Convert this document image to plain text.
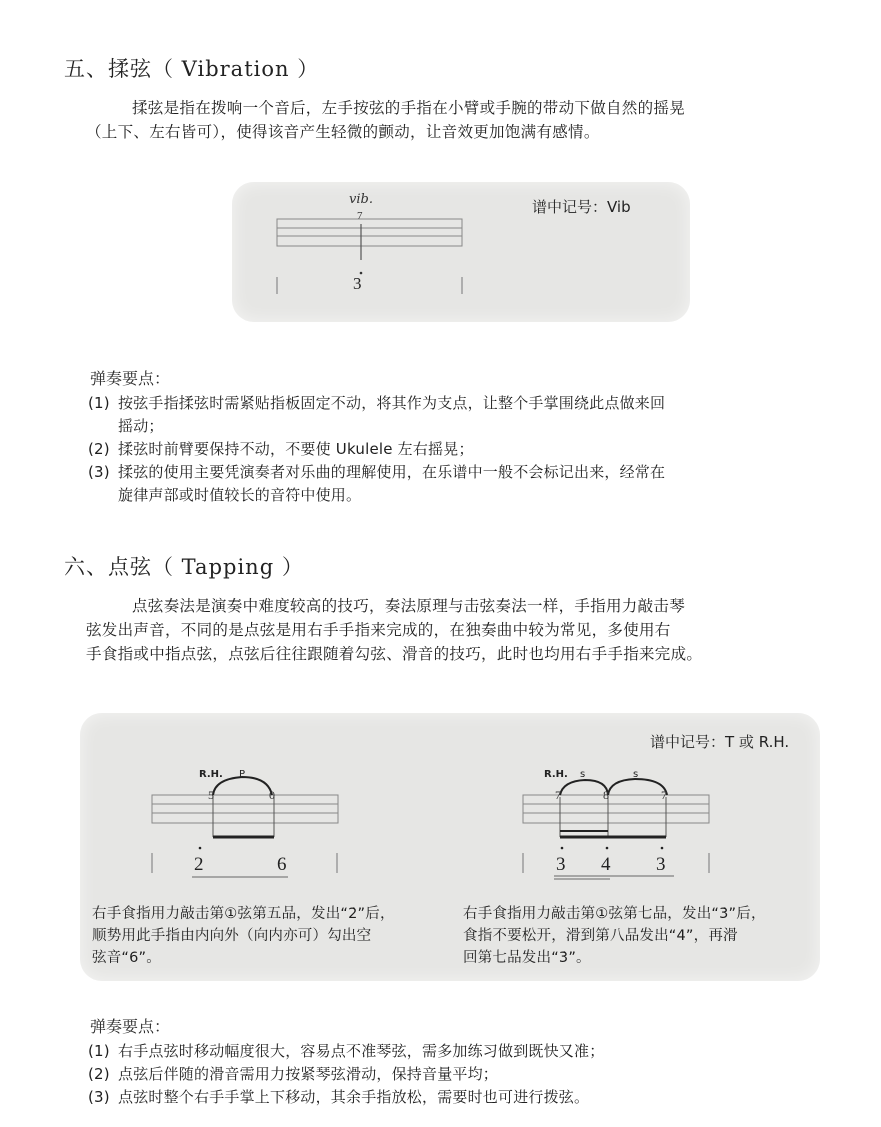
五、揉弦（ Vibration ）
揉弦是指在拨响一个音后，左手按弦的手指在小臂或手腕的带动下做自然的摇晃
（上下、左右皆可），使得该音产生轻微的颤动，让音效更加饱满有感情。
谱中记号：Vib
vib.
7
3
弹奏要点：
(1) 按弦手指揉弦时需紧贴指板固定不动，将其作为支点，让整个手掌围绕此点做来回
摇动；
(2) 揉弦时前臂要保持不动，不要使 Ukulele 左右摇晃；
(3) 揉弦的使用主要凭演奏者对乐曲的理解使用，在乐谱中一般不会标记出来，经常在
旋律声部或时值较长的音符中使用。
六、点弦（ Tapping ）
点弦奏法是演奏中难度较高的技巧，奏法原理与击弦奏法一样，手指用力敲击琴
弦发出声音，不同的是点弦是用右手手指来完成的，在独奏曲中较为常见，多使用右
手食指或中指点弦，点弦后往往跟随着勾弦、滑音的技巧，此时也均用右手手指来完成。
谱中记号：T 或 R.H.
R.H. P
5	0
2	6
右手食指用力敲击第①弦第五品，发出“2̇”后，
顺势用此手指由内向外（向内亦可）勾出空
弦音“6”。
R.H. s	s
7	8	7
3 4 3
右手食指用力敲击第①弦第七品，发出“3̇”后，
食指不要松开，滑到第八品发出“4̇”，再滑
回第七品发出“3̇”。
弹奏要点：
(1) 右手点弦时移动幅度很大，容易点不准琴弦，需多加练习做到既快又准；
(2) 点弦后伴随的滑音需用力按紧琴弦滑动，保持音量平均；
(3) 点弦时整个右手手掌上下移动，其余手指放松，需要时也可进行拨弦。
